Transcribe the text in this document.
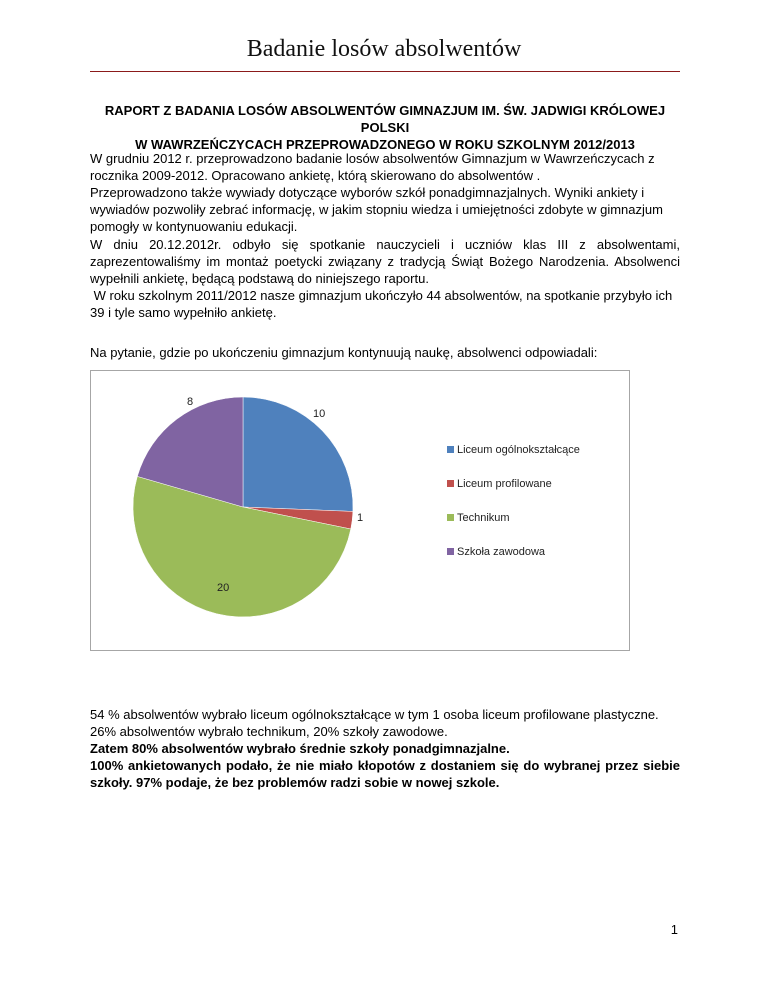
Badanie losów absolwentów
RAPORT Z BADANIA LOSÓW ABSOLWENTÓW GIMNAZJUM IM. ŚW. JADWIGI KRÓLOWEJ POLSKI
W WAWRZEŃCZYCACH PRZEPROWADZONEGO W ROKU SZKOLNYM 2012/2013
W grudniu 2012 r. przeprowadzono badanie losów absolwentów Gimnazjum w Wawrzeńczycach z
rocznika 2009-2012. Opracowano ankietę, którą skierowano do absolwentów .
Przeprowadzono także wywiady dotyczące wyborów szkół ponadgimnazjalnych. Wyniki ankiety i
wywiadów pozwoliły zebrać informację, w jakim stopniu wiedza i umiejętności zdobyte w gimnazjum
pomogły w kontynuowaniu edukacji.
W dniu 20.12.2012r. odbyło się spotkanie nauczycieli i uczniów klas III z absolwentami,
zaprezentowaliśmy im montaż poetycki związany z tradycją Świąt Bożego Narodzenia. Absolwenci
wypełnili ankietę, będącą podstawą do niniejszego raportu.
W roku szkolnym 2011/2012 nasze gimnazjum ukończyło 44 absolwentów, na spotkanie przybyło ich
39 i tyle samo wypełniło ankietę.
Na pytanie, gdzie po ukończeniu gimnazjum kontynuują naukę, absolwenci odpowiadali:
10
1
20
8
Liceum ogólnokształcące
Liceum profilowane
Technikum
Szkoła zawodowa
54 % absolwentów wybrało liceum ogólnokształcące w tym 1 osoba liceum profilowane plastyczne.
26% absolwentów wybrało technikum, 20% szkoły zawodowe.
Zatem 80% absolwentów wybrało średnie szkoły ponadgimnazjalne.
100% ankietowanych podało, że nie miało kłopotów z dostaniem się do wybranej przez siebie
szkoły. 97% podaje, że bez problemów radzi sobie w nowej szkole.
1
